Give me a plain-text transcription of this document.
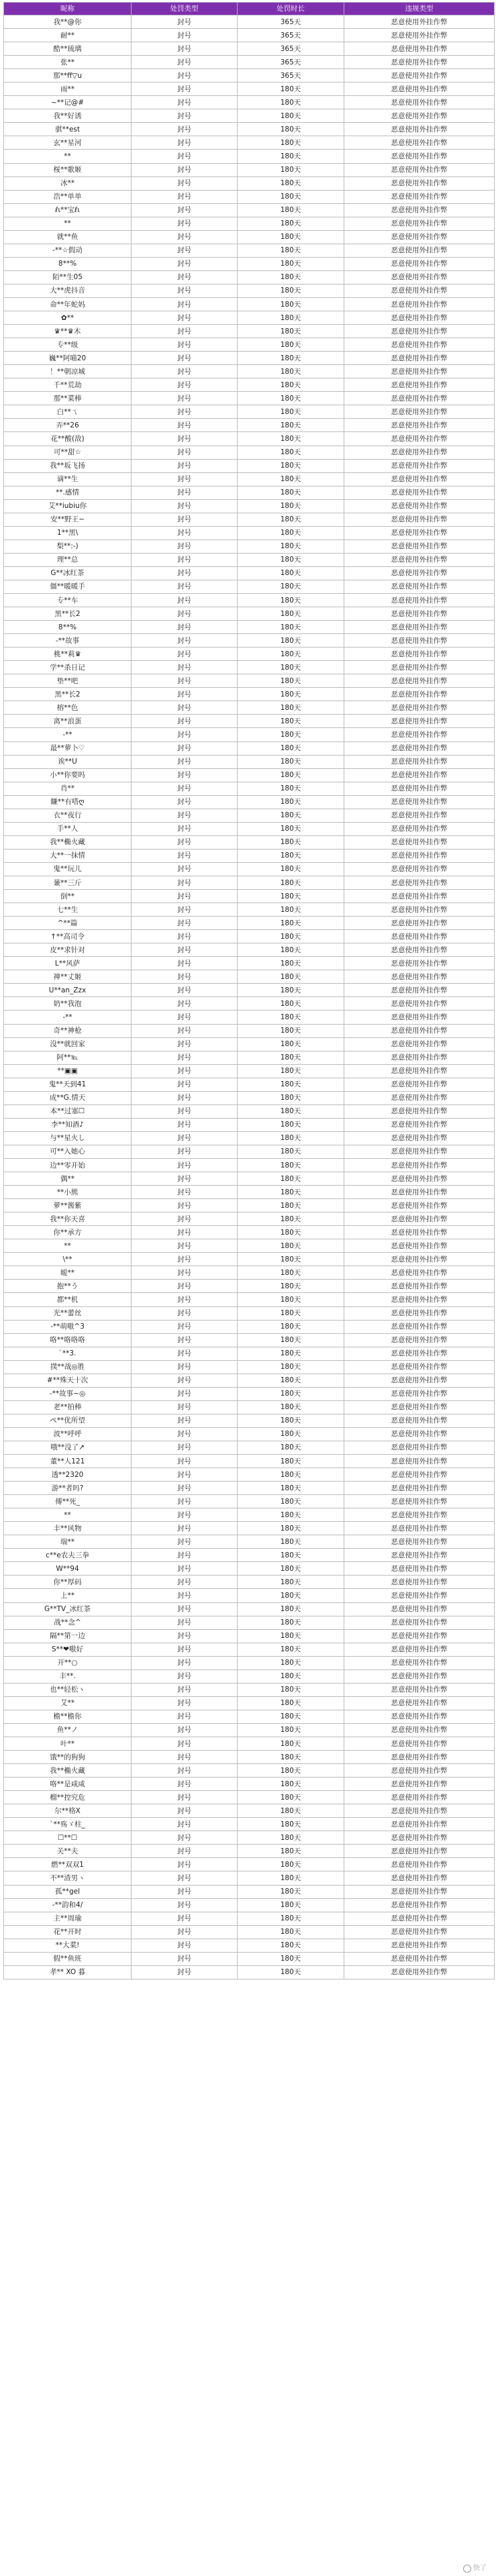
昵称	处罚类型	处罚时长	违规类型
我**@你	封号	365天	恶意使用外挂作弊
耐**	封号	365天	恶意使用外挂作弊
酷**琉璃	封号	365天	恶意使用外挂作弊
张**	封号	365天	恶意使用外挂作弊
那**ff▽u	封号	365天	恶意使用外挂作弊
雨**	封号	180天	恶意使用外挂作弊
~**记@#	封号	180天	恶意使用外挂作弊
我**好诱	封号	180天	恶意使用外挂作弊
骐**est	封号	180天	恶意使用外挂作弊
玄**星河	封号	180天	恶意使用外挂作弊
**	封号	180天	恶意使用外挂作弊
桜**歌姬	封号	180天	恶意使用外挂作弊
冰**	封号	180天	恶意使用外挂作弊
浩**单单	封号	180天	恶意使用外挂作弊
ℓι**宝ℓι	封号	180天	恶意使用外挂作弊
**	封号	180天	恶意使用外挂作弊
就**鱼	封号	180天	恶意使用外挂作弊
-**☆假动	封号	180天	恶意使用外挂作弊
8**%	封号	180天	恶意使用外挂作弊
陌**生05	封号	180天	恶意使用外挂作弊
大**虎抖音	封号	180天	恶意使用外挂作弊
命**年蛇妈	封号	180天	恶意使用外挂作弊
✿**	封号	180天	恶意使用外挂作弊
♛**♛木	封号	180天	恶意使用外挂作弊
专**级	封号	180天	恶意使用外挂作弊
巍**阿喵20	封号	180天	恶意使用外挂作弊
！**朝凉城	封号	180天	恶意使用外挂作弊
千**荒劫	封号	180天	恶意使用外挂作弊
那**菜棒	封号	180天	恶意使用外挂作弊
白**ㄟ	封号	180天	恶意使用外挂作弊
弄**26	封号	180天	恶意使用外挂作弊
花**酸(敌)	封号	180天	恶意使用外挂作弊
可**甜☆	封号	180天	恶意使用外挂作弊
我**坂飞扬	封号	180天	恶意使用外挂作弊
谪**生	封号	180天	恶意使用外挂作弊
**.感情	封号	180天	恶意使用外挂作弊
艾**iubiu你	封号	180天	恶意使用外挂作弊
安**野王~	封号	180天	恶意使用外挂作弊
1**黑\	封号	180天	恶意使用外挂作弊
梨**:-)	封号	180天	恶意使用外挂作弊
理**总	封号	180天	恶意使用外挂作弊
G**冰红茶	封号	180天	恶意使用外挂作弊
僵**暖暖手	封号	180天	恶意使用外挂作弊
专**车	封号	180天	恶意使用外挂作弊
黑**长2	封号	180天	恶意使用外挂作弊
8**%	封号	180天	恶意使用外挂作弊
-**故事	封号	180天	恶意使用外挂作弊
桃**莉♛	封号	180天	恶意使用外挂作弊
学**杀日记	封号	180天	恶意使用外挂作弊
垫**吧	封号	180天	恶意使用外挂作弊
黑**长2	封号	180天	恶意使用外挂作弊
榕**色	封号	180天	恶意使用外挂作弊
离**浪蛋	封号	180天	恶意使用外挂作弊
-**	封号	180天	恶意使用外挂作弊
最**萝卜♡	封号	180天	恶意使用外挂作弊
诶**U	封号	180天	恶意使用外挂作弊
小**你要吗	封号	180天	恶意使用外挂作弊
肖**	封号	180天	恶意使用外挂作弊
賺**有嗒ღ	封号	180天	恶意使用外挂作弊
衣**夜行	封号	180天	恶意使用外挂作弊
手**人	封号	180天	恶意使用外挂作弊
我**椭火藏	封号	180天	恶意使用外挂作弊
大**一抹情	封号	180天	恶意使用外挂作弊
鬼**玩儿	封号	180天	恶意使用外挂作弊
蒹**三斤	封号	180天	恶意使用外挂作弊
倒**	封号	180天	恶意使用外挂作弊
七**生	封号	180天	恶意使用外挂作弊
^**篇	封号	180天	恶意使用外挂作弊
↑**高司令	封号	180天	恶意使用外挂作弊
皮**求针对	封号	180天	恶意使用外挂作弊
L**风萨	封号	180天	恶意使用外挂作弊
禅**丈姬	封号	180天	恶意使用外挂作弊
U**an_Zzx	封号	180天	恶意使用外挂作弊
奶**我泡	封号	180天	恶意使用外挂作弊
-**	封号	180天	恶意使用外挂作弊
奇**神枪	封号	180天	恶意使用外挂作弊
没**就回家	封号	180天	恶意使用外挂作弊
阿**℡	封号	180天	恶意使用外挂作弊
**▣▣	封号	180天	恶意使用外挂作弊
鬼**天到41	封号	180天	恶意使用外挂作弊
成**G.情天	封号	180天	恶意使用外挂作弊
本**过塞☐	封号	180天	恶意使用外挂作弊
李**知酒♪	封号	180天	恶意使用外挂作弊
与**星火し	封号	180天	恶意使用外挂作弊
可**入她心	封号	180天	恶意使用外挂作弊
边**零开始	封号	180天	恶意使用外挂作弊
偶**	封号	180天	恶意使用外挂作弊
**小熊	封号	180天	恶意使用外挂作弊
萝**酱紫	封号	180天	恶意使用外挂作弊
我**你天喜	封号	180天	恶意使用外挂作弊
你**承方	封号	180天	恶意使用外挂作弊
**	封号	180天	恶意使用外挂作弊
\**	封号	180天	恶意使用外挂作弊
暧**	封号	180天	恶意使用外挂作弊
抱**う	封号	180天	恶意使用外挂作弊
都**机	封号	180天	恶意使用外挂作弊
光**蕾丝	封号	180天	恶意使用外挂作弊
-**萌嗷^3	封号	180天	恶意使用外挂作弊
咯**咯咯咯	封号	180天	恶意使用外挂作弊
`**3.	封号	180天	恶意使用外挂作弊
撲**战◎胜	封号	180天	恶意使用外挂作弊
#**殊天十次	封号	180天	恶意使用外挂作弊
-**故事~◎	封号	180天	恶意使用外挂作弊
老**拍棒	封号	180天	恶意使用外挂作弊
ペ**优所望	封号	180天	恶意使用外挂作弊
波**呼呼	封号	180天	恶意使用外挂作弊
哦**没了↗	封号	180天	恶意使用外挂作弊
董**人121	封号	180天	恶意使用外挂作弊
透**2320	封号	180天	恶意使用外挂作弊
游**者吗?	封号	180天	恶意使用外挂作弊
傅**死_	封号	180天	恶意使用外挂作弊
**	封号	180天	恶意使用外挂作弊
丰**风物	封号	180天	恶意使用外挂作弊
瑞**	封号	180天	恶意使用外挂作弊
c**e农夫三拳	封号	180天	恶意使用外挂作弊
W**94	封号	180天	恶意使用外挂作弊
你**厚码	封号	180天	恶意使用外挂作弊
上**	封号	180天	恶意使用外挂作弊
G**TV_冰红茶	封号	180天	恶意使用外挂作弊
战**念^	封号	180天	恶意使用外挂作弊
隔**第一边	封号	180天	恶意使用外挂作弊
S**❤嗷好	封号	180天	恶意使用外挂作弊
开**○	封号	180天	恶意使用外挂作弊
丰**.	封号	180天	恶意使用外挂作弊
也**轻松ヽ	封号	180天	恶意使用外挂作弊
艾**	封号	180天	恶意使用外挂作弊
檐**檐你	封号	180天	恶意使用外挂作弊
鱼**ノ	封号	180天	恶意使用外挂作弊
叶**	封号	180天	恶意使用外挂作弊
饿**的狗狗	封号	180天	恶意使用外挂作弊
我**椭火藏	封号	180天	恶意使用外挂作弊
咯**是咸咸	封号	180天	恶意使用外挂作弊
榴**控究危	封号	180天	恶意使用外挂作弊
尔**格X	封号	180天	恶意使用外挂作弊
`**殇ゞ柱_	封号	180天	恶意使用外挂作弊
☐**☐	封号	180天	恶意使用外挂作弊
关**夫	封号	180天	恶意使用外挂作弊
燃**双双1	封号	180天	恶意使用外挂作弊
不**渣男ヽ	封号	180天	恶意使用外挂作弊
孤**gel	封号	180天	恶意使用外挂作弊
-**韵和4/	封号	180天	恶意使用外挂作弊
主**周瑜	封号	180天	恶意使用外挂作弊
花**开时	封号	180天	恶意使用外挂作弊
**大菜!	封号	180天	恶意使用外挂作弊
假**鱼班	封号	180天	恶意使用外挂作弊
孝** XO 暮	封号	180天	恶意使用外挂作弊
快了
